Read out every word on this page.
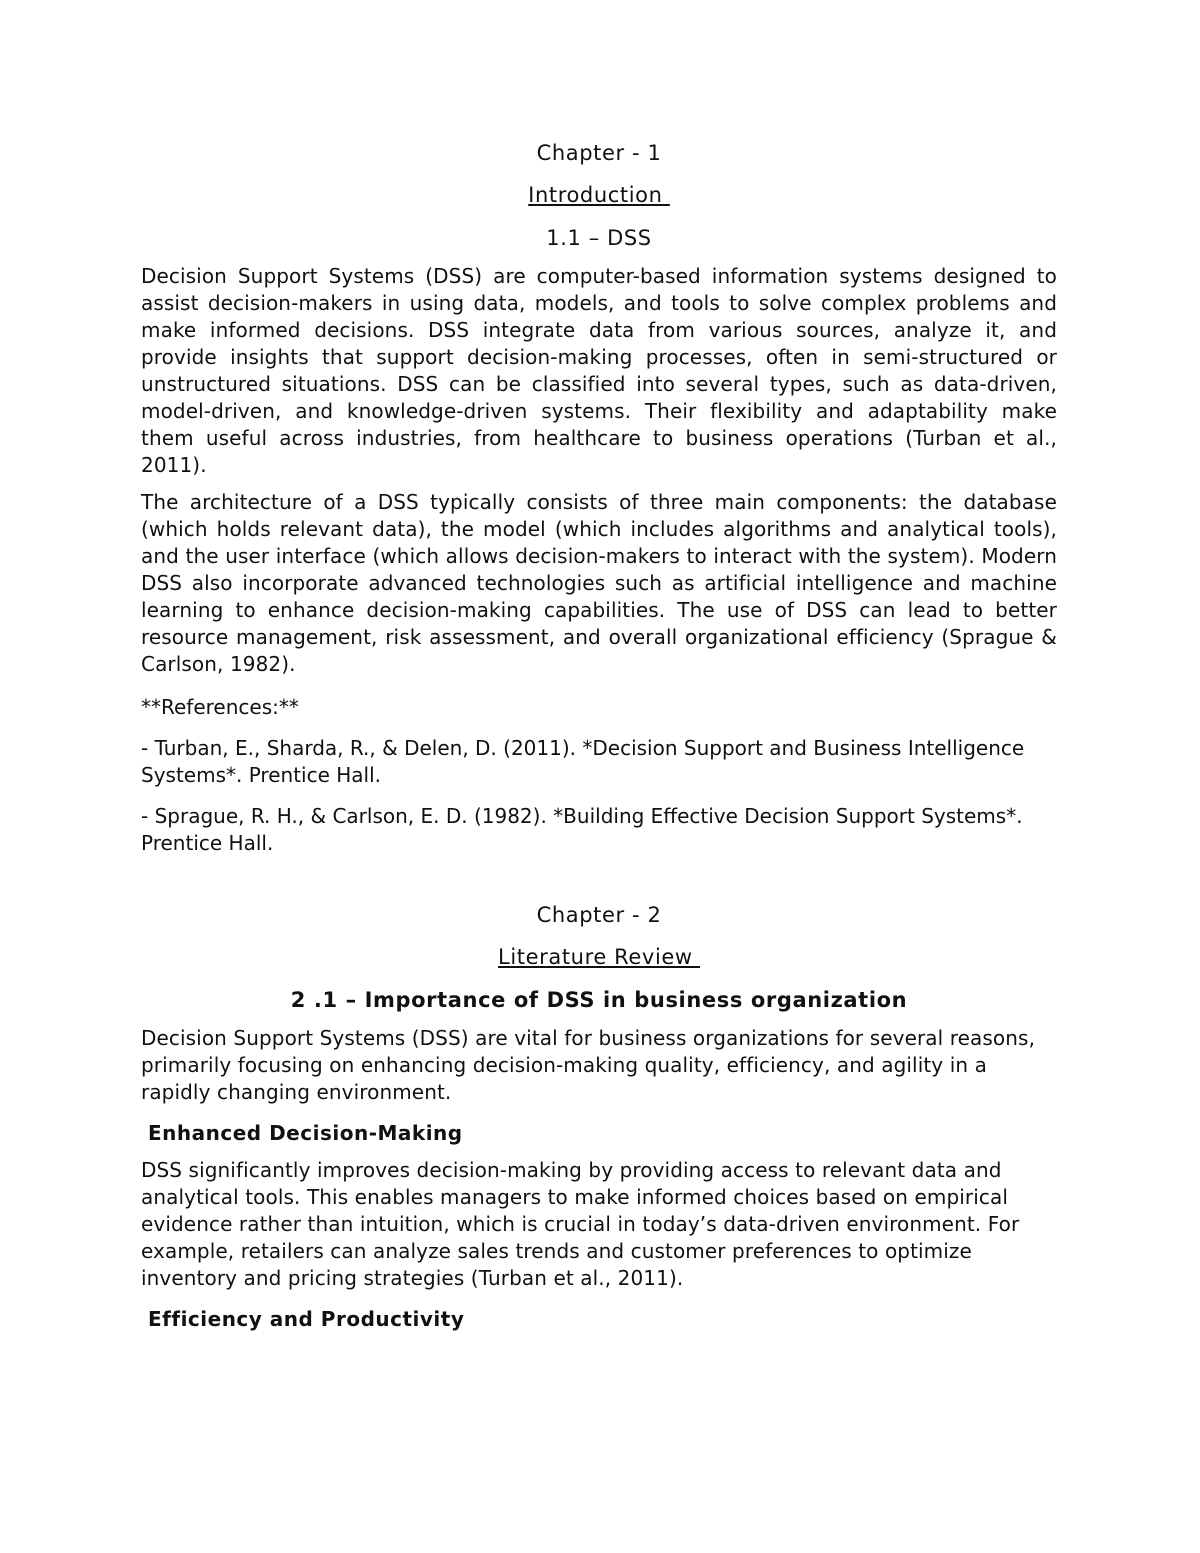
Chapter - 1
Introduction
1.1 – DSS

Decision Support Systems (DSS) are computer-based information systems designed to assist decision-makers in using data, models, and tools to solve complex problems and make informed decisions. DSS integrate data from various sources, analyze it, and provide insights that support decision-making processes, often in semi-structured or unstructured situations. DSS can be classified into several types, such as data-driven, model-driven, and knowledge-driven systems. Their flexibility and adaptability make them useful across industries, from healthcare to business operations (Turban et al., 2011).

The architecture of a DSS typically consists of three main components: the database (which holds relevant data), the model (which includes algorithms and analytical tools), and the user interface (which allows decision-makers to interact with the system). Modern DSS also incorporate advanced technologies such as artificial intelligence and machine learning to enhance decision-making capabilities. The use of DSS can lead to better resource management, risk assessment, and overall organizational efficiency (Sprague & Carlson, 1982).

**References:**
- Turban, E., Sharda, R., & Delen, D. (2011). *Decision Support and Business Intelligence Systems*. Prentice Hall.
- Sprague, R. H., & Carlson, E. D. (1982). *Building Effective Decision Support Systems*. Prentice Hall.
Chapter - 2
Literature Review
2 .1 – Importance of DSS in business organization

Decision Support Systems (DSS) are vital for business organizations for several reasons, primarily focusing on enhancing decision-making quality, efficiency, and agility in a rapidly changing environment.

Enhanced Decision-Making

DSS significantly improves decision-making by providing access to relevant data and analytical tools. This enables managers to make informed choices based on empirical evidence rather than intuition, which is crucial in today’s data-driven environment. For example, retailers can analyze sales trends and customer preferences to optimize inventory and pricing strategies (Turban et al., 2011).

Efficiency and Productivity
